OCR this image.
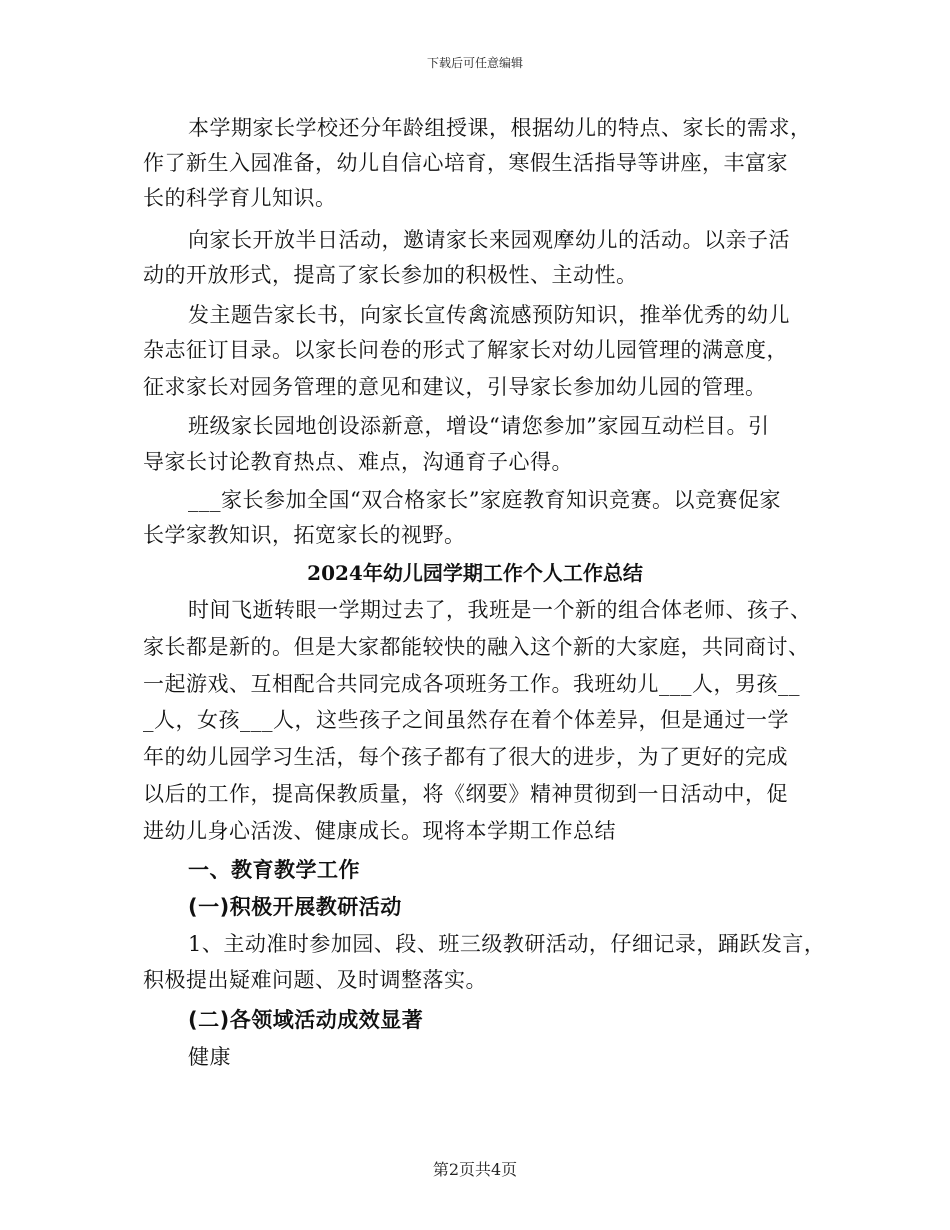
下载后可任意编辑
本学期家长学校还分年龄组授课，根据幼儿的特点、家长的需求，
作了新生入园准备，幼儿自信心培育，寒假生活指导等讲座，丰富家
长的科学育儿知识。
向家长开放半日活动，邀请家长来园观摩幼儿的活动。以亲子活
动的开放形式，提高了家长参加的积极性、主动性。
发主题告家长书，向家长宣传禽流感预防知识，推举优秀的幼儿
杂志征订目录。以家长问卷的形式了解家长对幼儿园管理的满意度，
征求家长对园务管理的意见和建议，引导家长参加幼儿园的管理。
班级家长园地创设添新意，增设“请您参加”家园互动栏目。引
导家长讨论教育热点、难点，沟通育子心得。
___家长参加全国“双合格家长”家庭教育知识竞赛。以竞赛促家
长学家教知识，拓宽家长的视野。
2024年幼儿园学期工作个人工作总结
时间飞逝转眼一学期过去了，我班是一个新的组合体老师、孩子、
家长都是新的。但是大家都能较快的融入这个新的大家庭，共同商讨、
一起游戏、互相配合共同完成各项班务工作。我班幼儿___人，男孩__
_人，女孩___人，这些孩子之间虽然存在着个体差异，但是通过一学
年的幼儿园学习生活，每个孩子都有了很大的进步，为了更好的完成
以后的工作，提高保教质量，将《纲要》精神贯彻到一日活动中，促
进幼儿身心活泼、健康成长。现将本学期工作总结
一、教育教学工作
(一)积极开展教研活动
1、主动准时参加园、段、班三级教研活动，仔细记录，踊跃发言，
积极提出疑难问题、及时调整落实。
(二)各领域活动成效显著
健康
第2页共4页
